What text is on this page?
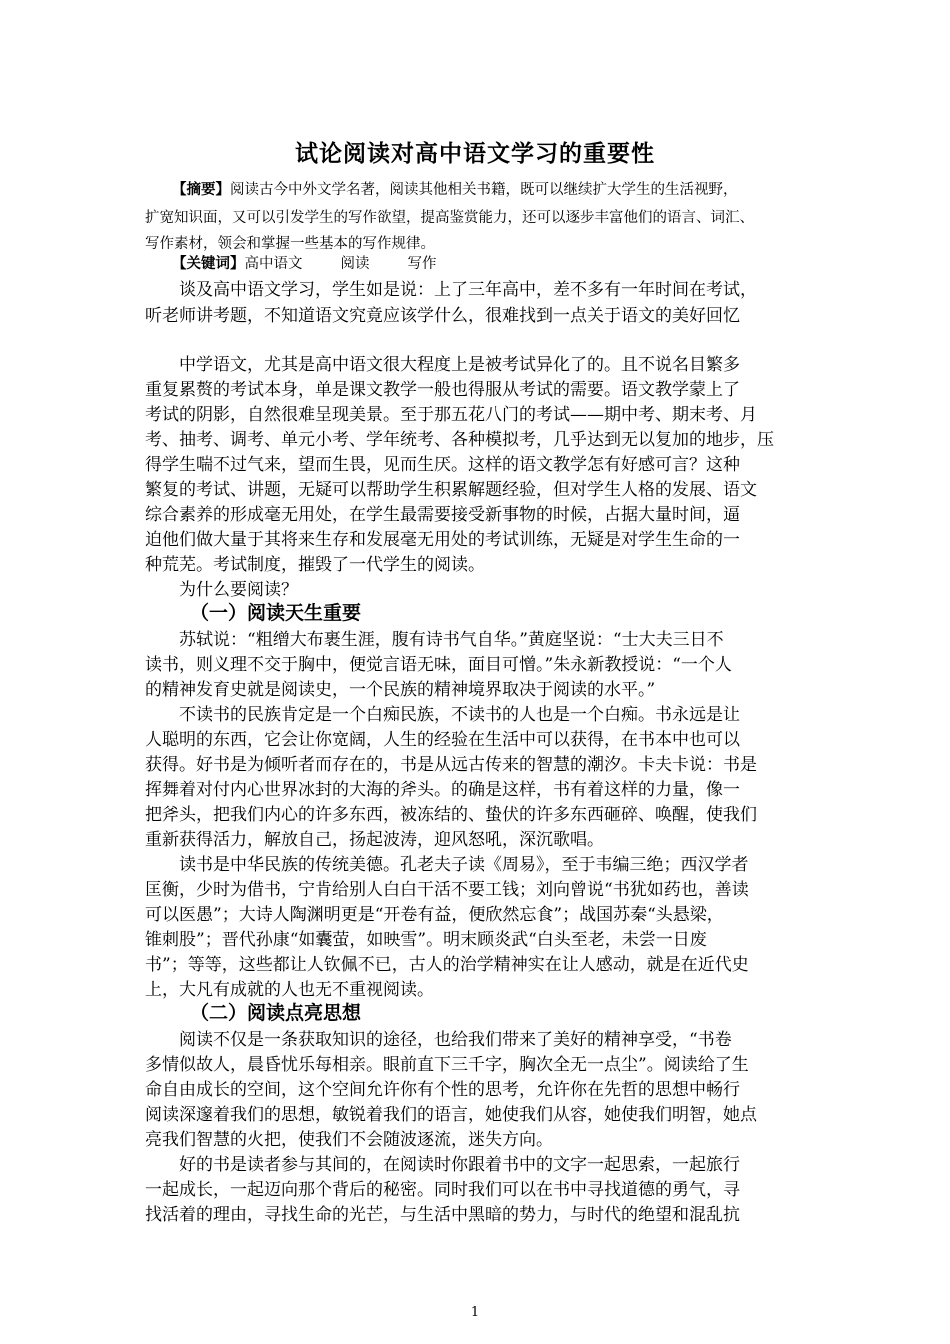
试论阅读对高中语文学习的重要性
【摘要】阅读古今中外文学名著，阅读其他相关书籍，既可以继续扩大学生的生活视野，
扩宽知识面，又可以引发学生的写作欲望，提高鉴赏能力，还可以逐步丰富他们的语言、词汇、
写作素材，领会和掌握一些基本的写作规律。
【关键词】高中语文	阅读	写作
　　谈及高中语文学习，学生如是说：上了三年高中，差不多有一年时间在考试，
听老师讲考题，不知道语文究竟应该学什么，很难找到一点关于语文的美好回忆
　　中学语文，尤其是高中语文很大程度上是被考试异化了的。且不说名目繁多
重复累赘的考试本身，单是课文教学一般也得服从考试的需要。语文教学蒙上了
考试的阴影，自然很难呈现美景。至于那五花八门的考试——期中考、期末考、月
考、抽考、调考、单元小考、学年统考、各种模拟考，几乎达到无以复加的地步，压
得学生喘不过气来，望而生畏，见而生厌。这样的语文教学怎有好感可言？这种
繁复的考试、讲题，无疑可以帮助学生积累解题经验，但对学生人格的发展、语文
综合素养的形成毫无用处，在学生最需要接受新事物的时候，占据大量时间，逼
迫他们做大量于其将来生存和发展毫无用处的考试训练，无疑是对学生生命的一
种荒芜。考试制度，摧毁了一代学生的阅读。
　　为什么要阅读？
（一）阅读天生重要
　　苏轼说：“粗缯大布裹生涯，腹有诗书气自华。”黄庭坚说：“士大夫三日不
读书，则义理不交于胸中，便觉言语无味，面目可憎。”朱永新教授说：“一个人
的精神发育史就是阅读史，一个民族的精神境界取决于阅读的水平。”
　　不读书的民族肯定是一个白痴民族，不读书的人也是一个白痴。书永远是让
人聪明的东西，它会让你宽阔，人生的经验在生活中可以获得，在书本中也可以
获得。好书是为倾听者而存在的，书是从远古传来的智慧的潮汐。卡夫卡说：书是
挥舞着对付内心世界冰封的大海的斧头。的确是这样，书有着这样的力量，像一
把斧头，把我们内心的许多东西，被冻结的、蛰伏的许多东西砸碎、唤醒，使我们
重新获得活力，解放自己，扬起波涛，迎风怒吼，深沉歌唱。
　　读书是中华民族的传统美德。孔老夫子读《周易》，至于韦编三绝；西汉学者
匡衡，少时为借书，宁肯给别人白白干活不要工钱；刘向曾说“书犹如药也，善读
可以医愚”；大诗人陶渊明更是“开卷有益，便欣然忘食”；战国苏秦“头悬梁，
锥刺股”；晋代孙康“如囊萤，如映雪”。明末顾炎武“白头至老，未尝一日废
书”；等等，这些都让人钦佩不已，古人的治学精神实在让人感动，就是在近代史
上，大凡有成就的人也无不重视阅读。
（二）阅读点亮思想
　　阅读不仅是一条获取知识的途径，也给我们带来了美好的精神享受，“书卷
多情似故人，晨昏忧乐每相亲。眼前直下三千字，胸次全无一点尘”。阅读给了生
命自由成长的空间，这个空间允许你有个性的思考，允许你在先哲的思想中畅行
阅读深邃着我们的思想，敏锐着我们的语言，她使我们从容，她使我们明智，她点
亮我们智慧的火把，使我们不会随波逐流，迷失方向。
　　好的书是读者参与其间的，在阅读时你跟着书中的文字一起思索，一起旅行
一起成长，一起迈向那个背后的秘密。同时我们可以在书中寻找道德的勇气，寻
找活着的理由，寻找生命的光芒，与生活中黑暗的势力，与时代的绝望和混乱抗
1
